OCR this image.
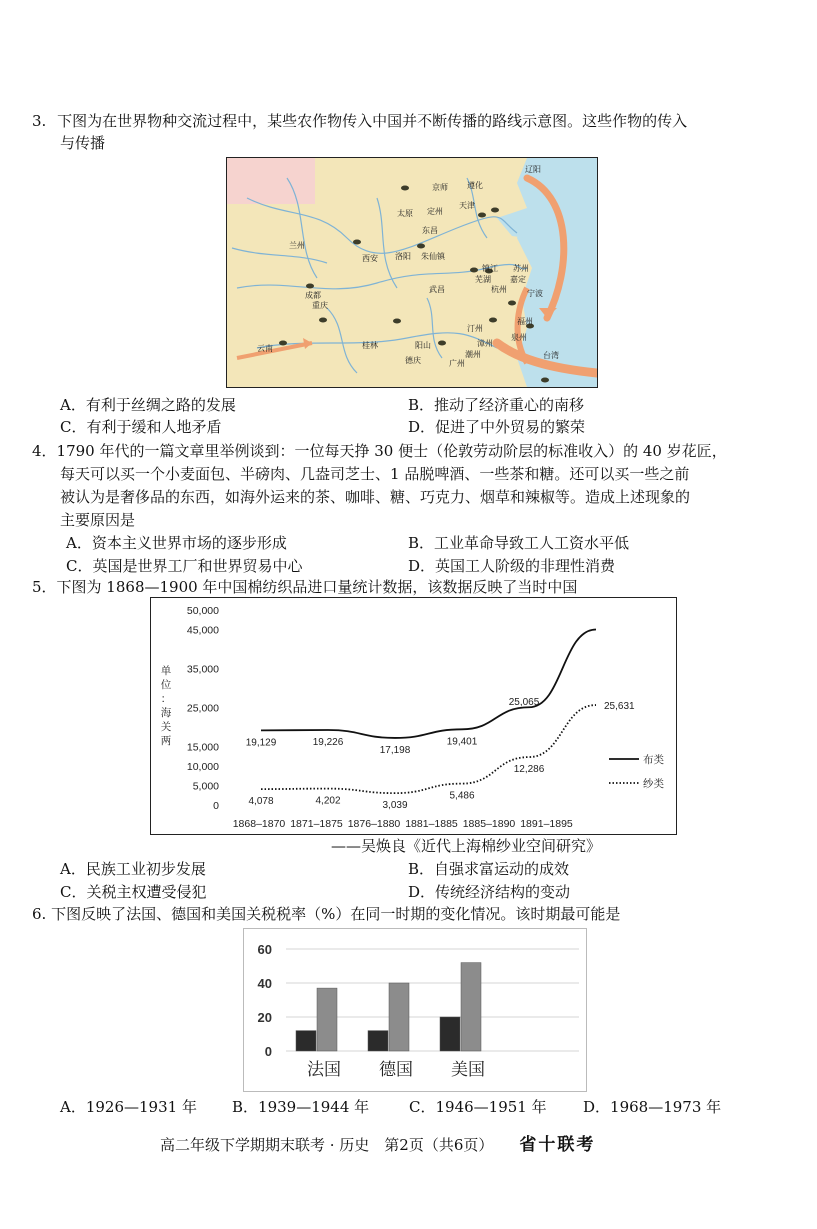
3. 下图为在世界物种交流过程中，某些农作物传入中国并不断传播的路线示意图。这些作物的传入
与传播
辽阳
京师 遵化
天津
太原 定州
兰州
东昌
西安 洛阳 朱仙镇
镇江 苏州
芜湖 嘉定
成都
武昌	杭州	宁波
重庆
汀州
福州
漳州
泉州
桂林	阳山
潮州
云南
德庆	广州
台湾
A．有利于丝绸之路的发展	B．推动了经济重心的南移
C．有利于缓和人地矛盾	D．促进了中外贸易的繁荣
4．1790 年代的一篇文章里举例谈到：一位每天挣 30 便士（伦敦劳动阶层的标准收入）的 40 岁花匠，
每天可以买一个小麦面包、半磅肉、几盎司芝士、1 品脱啤酒、一些茶和糖。还可以买一些之前
被认为是奢侈品的东西，如海外运来的茶、咖啡、糖、巧克力、烟草和辣椒等。造成上述现象的
主要原因是
A．资本主义世界市场的逐步形成	B．工业革命导致工人工资水平低
C．英国是世界工厂和世界贸易中心	D．英国工人阶级的非理性消费
5．下图为 1868—1900 年中国棉纺织品进口量统计数据，该数据反映了当时中国
0
5,000
10,000
15,000
25,000
35,000
45,000
50,000
1868–1870 1871–1875 1876–1880 1881–1885 1885–1890 1891–1895
19,129	19,226
17,198
19,401
25,065
4,078	4,202	3,039
5,486
12,286
25,631
单
位
：
海
关
两
布类
纱类
——吴焕良《近代上海棉纱业空间研究》
A．民族工业初步发展	B．自强求富运动的成效
C．关税主权遭受侵犯	D．传统经济结构的变动
6. 下图反映了法国、德国和美国关税税率（%）在同一时期的变化情况。该时期最可能是
0
20
40
60
法国 德国 美国
A．1926—1931 年 B．1939—1944 年	C．1946—1951 年 D．1968—1973 年
高二年级下学期期末联考 · 历史　第2页（共6页） 省十联考
